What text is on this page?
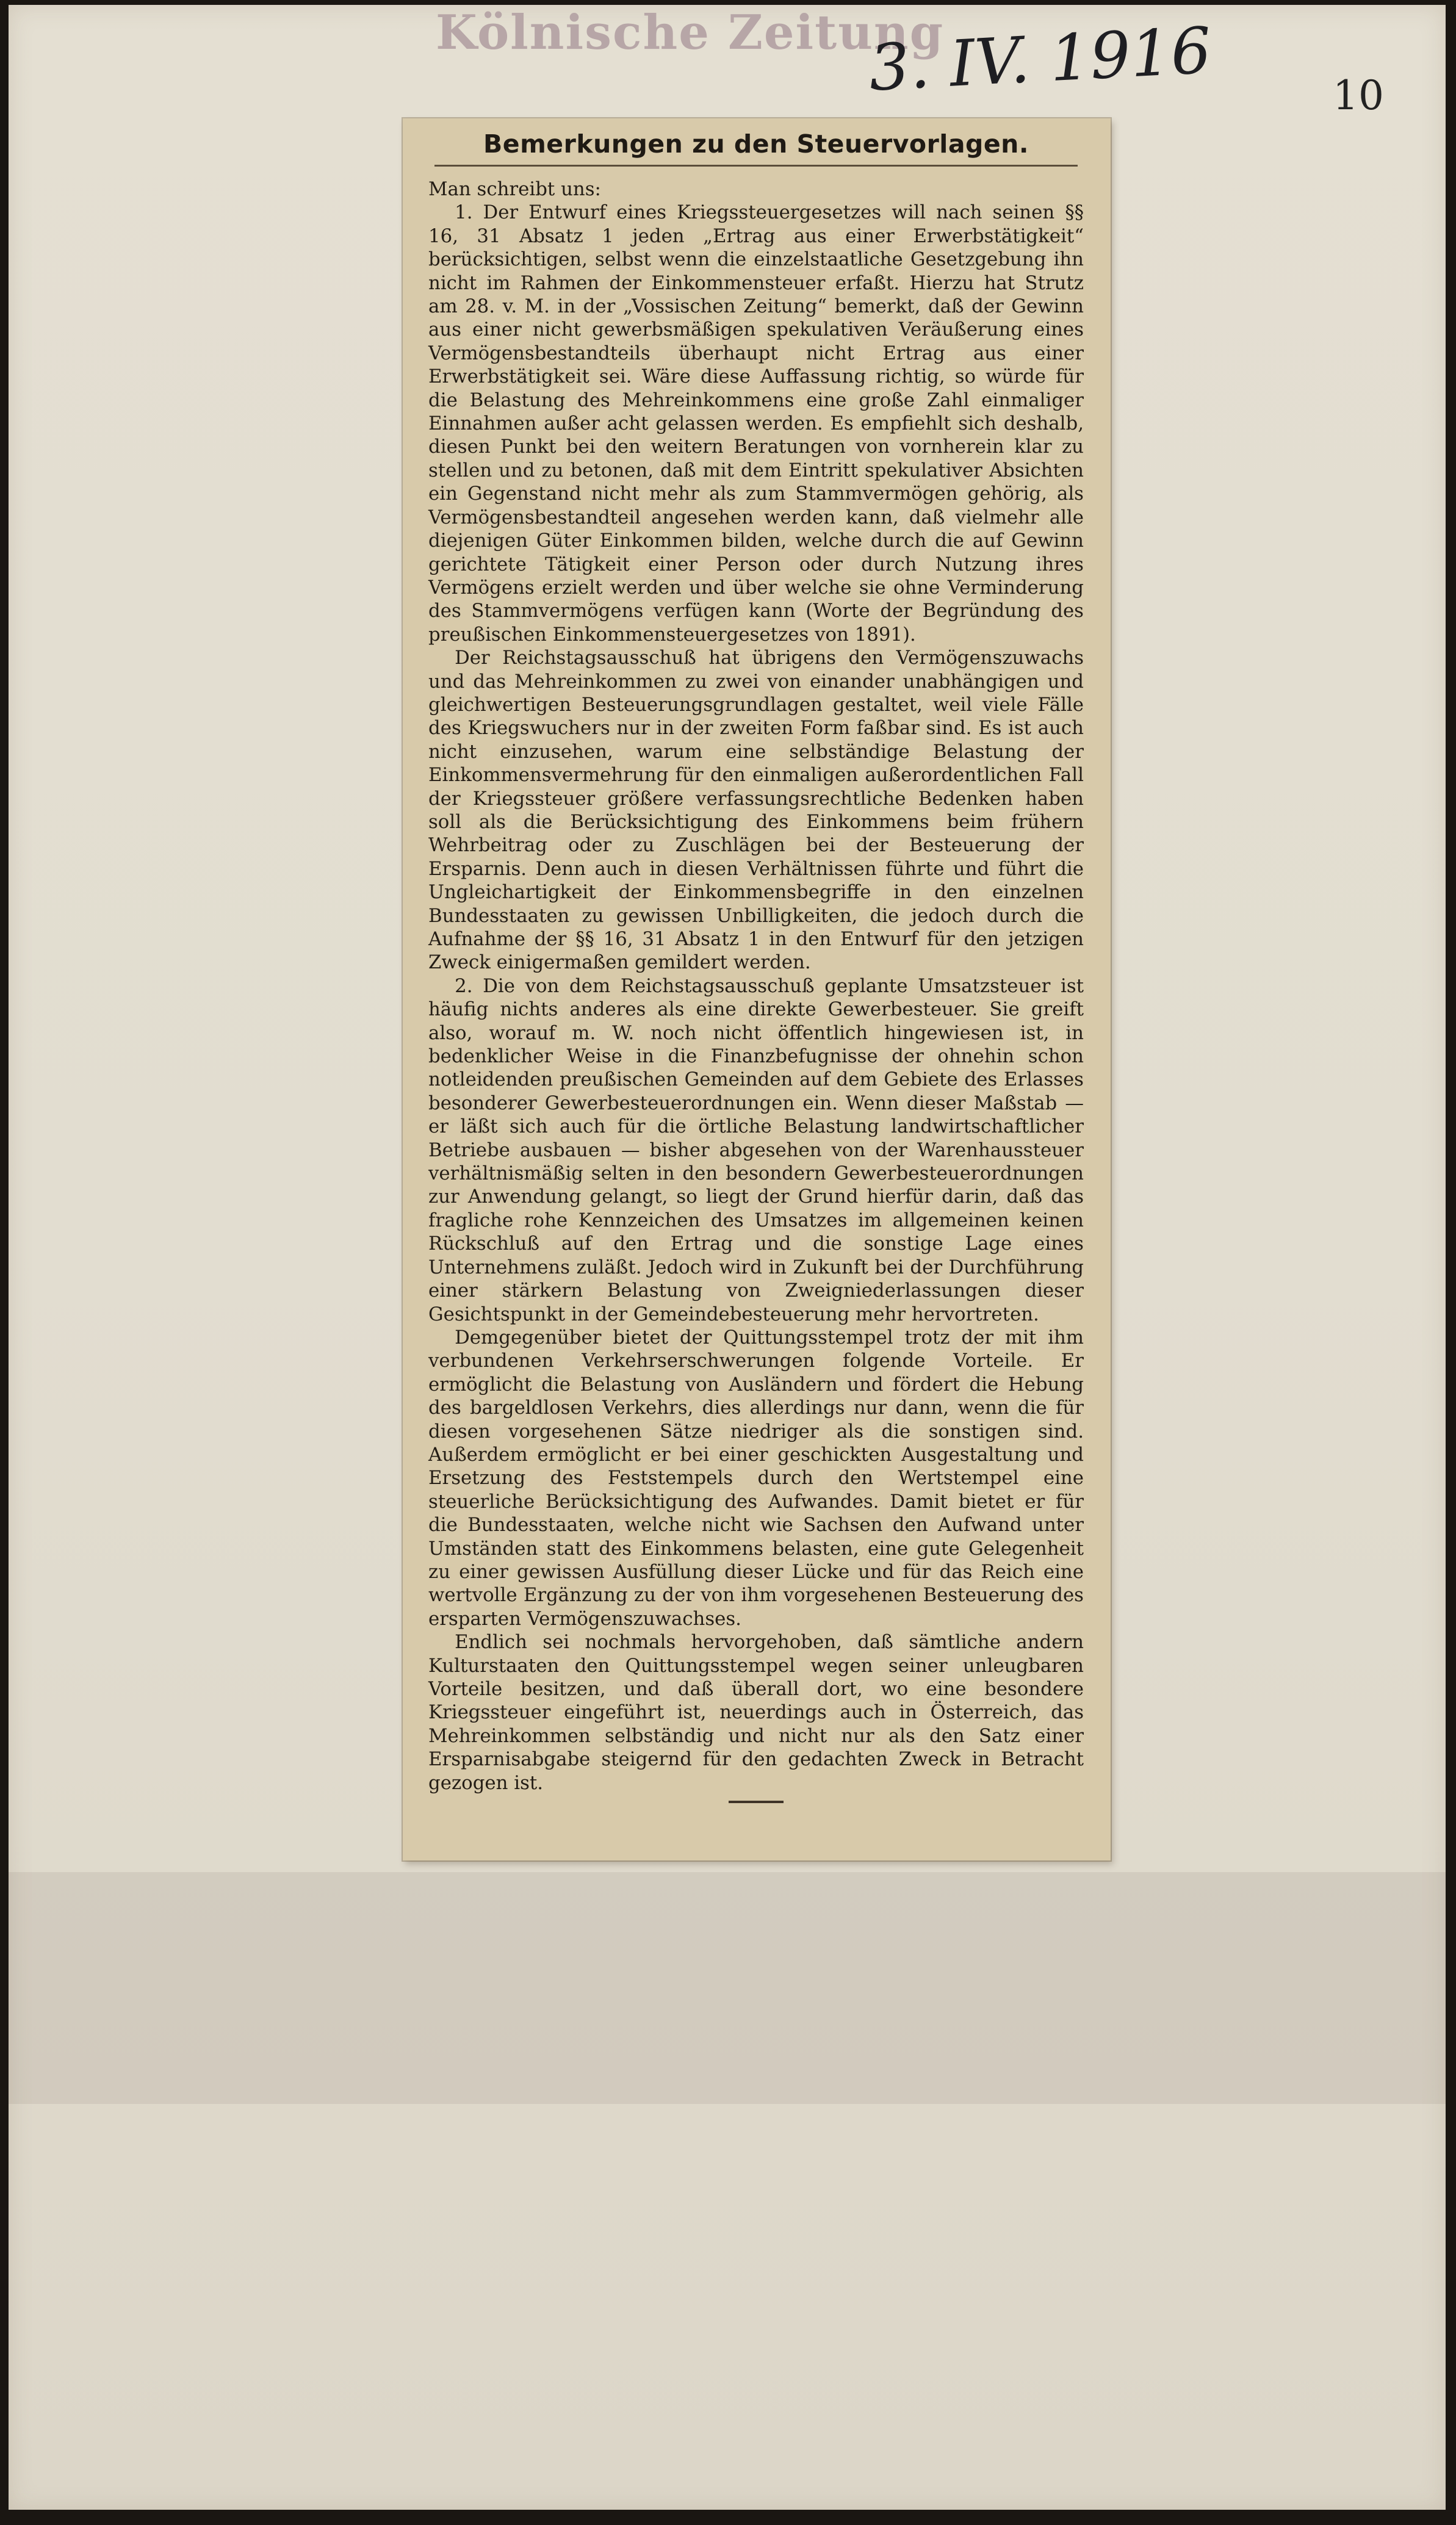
Kölnische Zeitung
3. IV. 1916	10
Bemerkungen zu den Steuervorlagen.

Man schreibt uns:

1. Der Entwurf eines Kriegssteuergesetzes will nach seinen §§ 16, 31 Absatz 1 jeden „Ertrag aus einer Erwerbstätigkeit“ berücksichtigen, selbst wenn die einzelstaatliche Gesetzgebung ihn nicht im Rahmen der Einkommensteuer erfaßt. Hierzu hat Strutz am 28. v. M. in der „Vossischen Zeitung“ bemerkt, daß der Gewinn aus einer nicht gewerbsmäßigen spekulativen Veräußerung eines Vermögensbestandteils überhaupt nicht Ertrag aus einer Erwerbstätigkeit sei. Wäre diese Auffassung richtig, so würde für die Belastung des Mehreinkommens eine große Zahl einmaliger Einnahmen außer acht gelassen werden. Es empfiehlt sich deshalb, diesen Punkt bei den weitern Beratungen von vornherein klar zu stellen und zu betonen, daß mit dem Eintritt spekulativer Absichten ein Gegenstand nicht mehr als zum Stammvermögen gehörig, als Vermögensbestandteil angesehen werden kann, daß vielmehr alle diejenigen Güter Einkommen bilden, welche durch die auf Gewinn gerichtete Tätigkeit einer Person oder durch Nutzung ihres Vermögens erzielt werden und über welche sie ohne Verminderung des Stammvermögens verfügen kann (Worte der Begründung des preußischen Einkommensteuergesetzes von 1891).

Der Reichstagsausschuß hat übrigens den Vermögenszuwachs und das Mehreinkommen zu zwei von einander unabhängigen und gleichwertigen Besteuerungsgrundlagen gestaltet, weil viele Fälle des Kriegswuchers nur in der zweiten Form faßbar sind. Es ist auch nicht einzusehen, warum eine selbständige Belastung der Einkommensvermehrung für den einmaligen außerordentlichen Fall der Kriegssteuer größere verfassungsrechtliche Bedenken haben soll als die Berücksichtigung des Einkommens beim frühern Wehrbeitrag oder zu Zuschlägen bei der Besteuerung der Ersparnis. Denn auch in diesen Verhältnissen führte und führt die Ungleichartigkeit der Einkommensbegriffe in den einzelnen Bundesstaaten zu gewissen Unbilligkeiten, die jedoch durch die Aufnahme der §§ 16, 31 Absatz 1 in den Entwurf für den jetzigen Zweck einigermaßen gemildert werden.

2. Die von dem Reichstagsausschuß geplante Umsatzsteuer ist häufig nichts anderes als eine direkte Gewerbesteuer. Sie greift also, worauf m. W. noch nicht öffentlich hingewiesen ist, in bedenklicher Weise in die Finanzbefugnisse der ohnehin schon notleidenden preußischen Gemeinden auf dem Gebiete des Erlasses besonderer Gewerbesteuerordnungen ein. Wenn dieser Maßstab — er läßt sich auch für die örtliche Belastung landwirtschaftlicher Betriebe ausbauen — bisher abgesehen von der Warenhaussteuer verhältnismäßig selten in den besondern Gewerbesteuerordnungen zur Anwendung gelangt, so liegt der Grund hierfür darin, daß das fragliche rohe Kennzeichen des Umsatzes im allgemeinen keinen Rückschluß auf den Ertrag und die sonstige Lage eines Unternehmens zuläßt. Jedoch wird in Zukunft bei der Durchführung einer stärkern Belastung von Zweigniederlassungen dieser Gesichtspunkt in der Gemeindebesteuerung mehr hervortreten.

Demgegenüber bietet der Quittungsstempel trotz der mit ihm verbundenen Verkehrserschwerungen folgende Vorteile. Er ermöglicht die Belastung von Ausländern und fördert die Hebung des bargeldlosen Verkehrs, dies allerdings nur dann, wenn die für diesen vorgesehenen Sätze niedriger als die sonstigen sind. Außerdem ermöglicht er bei einer geschickten Ausgestaltung und Ersetzung des Feststempels durch den Wertstempel eine steuerliche Berücksichtigung des Aufwandes. Damit bietet er für die Bundesstaaten, welche nicht wie Sachsen den Aufwand unter Umständen statt des Einkommens belasten, eine gute Gelegenheit zu einer gewissen Ausfüllung dieser Lücke und für das Reich eine wertvolle Ergänzung zu der von ihm vorgesehenen Besteuerung des ersparten Vermögenszuwachses.

Endlich sei nochmals hervorgehoben, daß sämtliche andern Kulturstaaten den Quittungsstempel wegen seiner unleugbaren Vorteile besitzen, und daß überall dort, wo eine besondere Kriegssteuer eingeführt ist, neuerdings auch in Österreich, das Mehreinkommen selbständig und nicht nur als den Satz einer Ersparnisabgabe steigernd für den gedachten Zweck in Betracht gezogen ist.
